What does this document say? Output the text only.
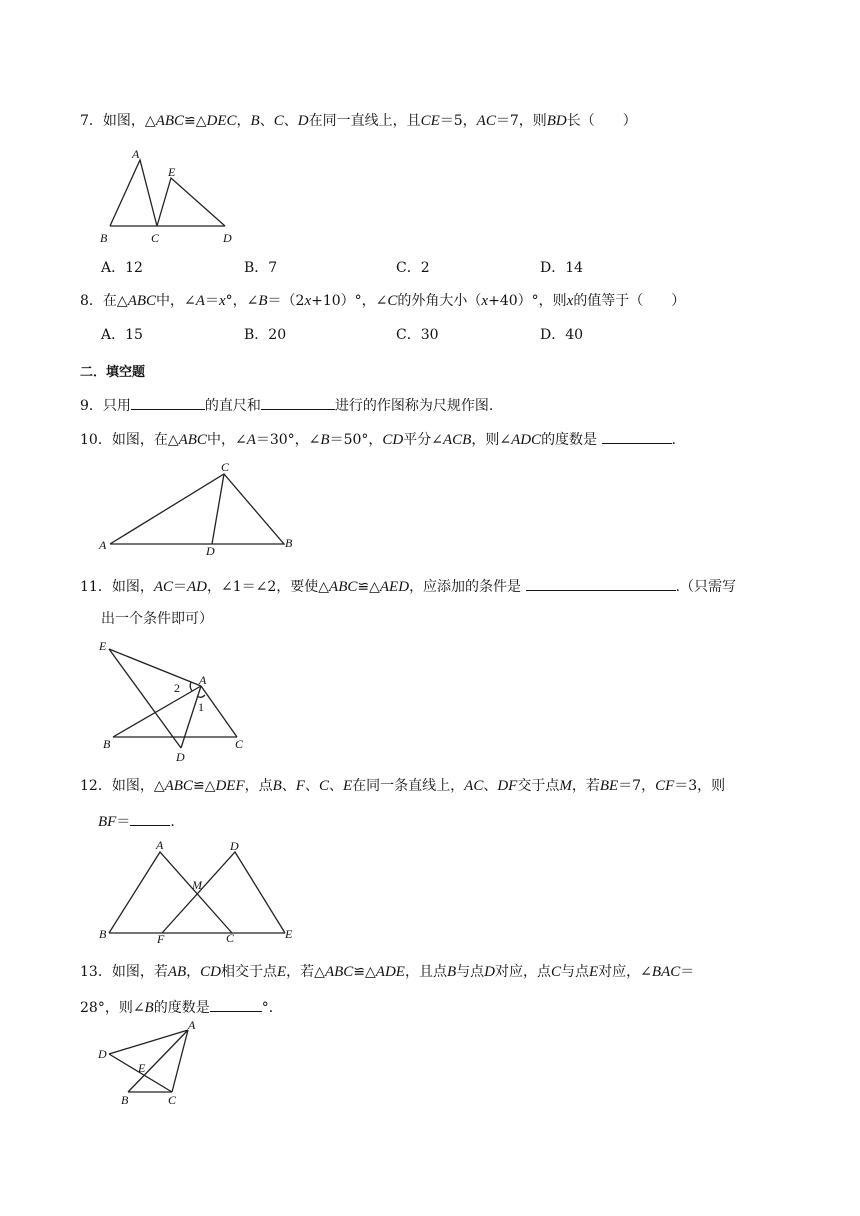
7．如图，△ABC≌△DEC，B、C、D在同一直线上，且CE＝5，AC＝7，则BD长（　　）
A
E
B	C	D
A．12	B．7	C．2	D．14
8．在△ABC中，∠A＝x°，∠B＝（2x+10）°，∠C的外角大小（x+40）°，则x的值等于（　　）
A．15	B．20	C．30	D．40
二．填空题
9．只用	的直尺和	进行的作图称为尺规作图.
10．如图，在△ABC中，∠A＝30°，∠B＝50°，CD平分∠ACB，则∠ADC的度数是	.
C
A	D
B
11．如图，AC＝AD，∠1＝∠2，要使△ABC≌△AED，应添加的条件是	.（只需写
出一个条件即可）
E
A
2
1
B
D
C
12．如图，△ABC≌△DEF，点B、F、C、E在同一条直线上，AC、DF交于点M，若BE＝7，CF＝3，则
BF＝	.
A	D
M
B	F	C	E
13．如图，若AB，CD相交于点E，若△ABC≌△ADE，且点B与点D对应，点C与点E对应，∠BAC＝
28°，则∠B的度数是	°．
A
D
E
B	C
